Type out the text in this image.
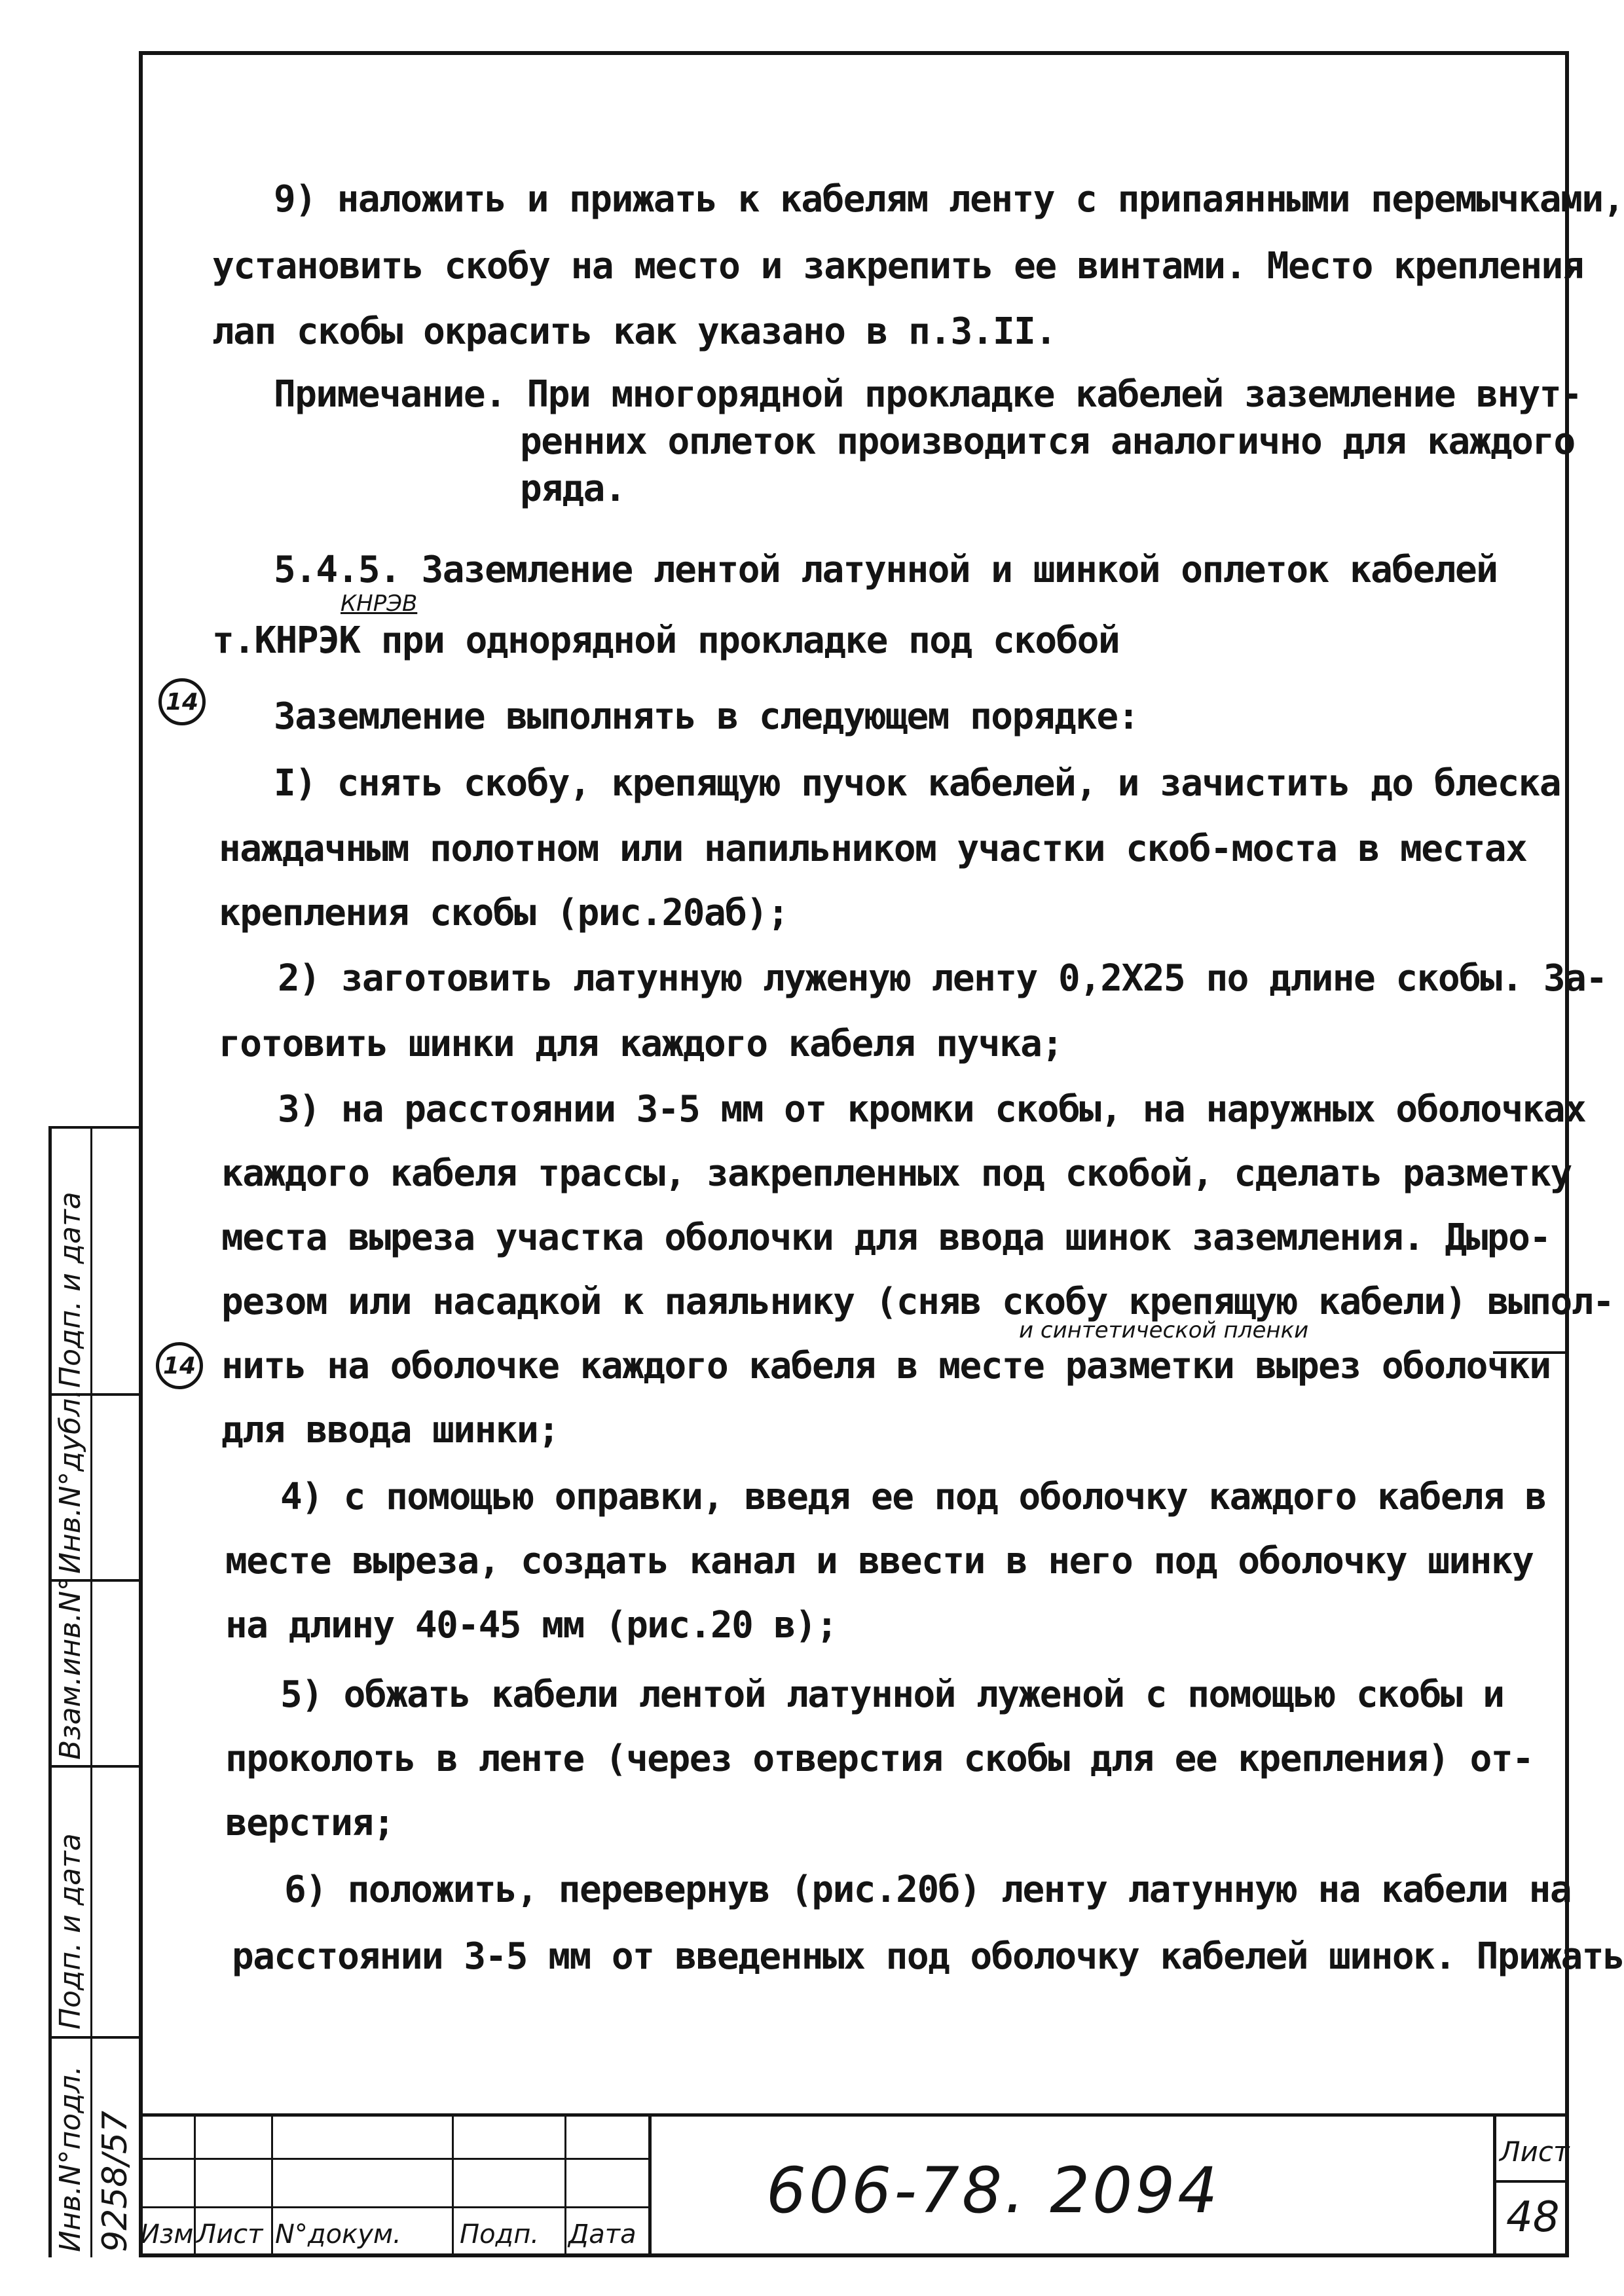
9) наложить и прижать к кабелям ленту с припаянными перемычками,
установить скобу на место и закрепить ее винтами. Место крепления
лап скобы окрасить как указано в п.3.II.
Примечание. При многорядной прокладке кабелей заземление внут-
ренних оплеток производится аналогично для каждого
ряда.
5.4.5. Заземление лентой латунной и шинкой оплеток кабелей
т.КНРЭК при однорядной прокладке под скобой
КНРЭВ
14 Заземление выполнять в следующем порядке:
I) снять скобу, крепящую пучок кабелей, и зачистить до блеска
наждачным полотном или напильником участки скоб-моста в местах
крепления скобы (рис.20аб);
2) заготовить латунную луженую ленту 0,2Х25 по длине скобы. За-
готовить шинки для каждого кабеля пучка;
3) на расстоянии 3-5 мм от кромки скобы, на наружных оболочках
каждого кабеля трассы, закрепленных под скобой, сделать разметку
места выреза участка оболочки для ввода шинок заземления. Дыро-
резом или насадкой к паяльнику (сняв скобу крепящую кабели) выпол-
и синтетической пленки
нить на оболочке каждого кабеля в месте разметки вырез оболочки
для ввода шинки;
14
4) с помощью оправки, введя ее под оболочку каждого кабеля в
месте выреза, создать канал и ввести в него под оболочку шинку
на длину 40-45 мм (рис.20 в);
5) обжать кабели лентой латунной луженой с помощью скобы и
проколоть в ленте (через отверстия скобы для ее крепления) от-
верстия;
6) положить, перевернув (рис.20б) ленту латунную на кабели на
расстоянии 3-5 мм от введенных под оболочку кабелей шинок. Прижать
Изм Лист N°докум. Подп. Дата
606-78. 2094
Лист
48
Инв.N°подл.
Подп. и дата
Взам.инв.N°
Инв.N°дубл.
Подп. и дата
9258/57
